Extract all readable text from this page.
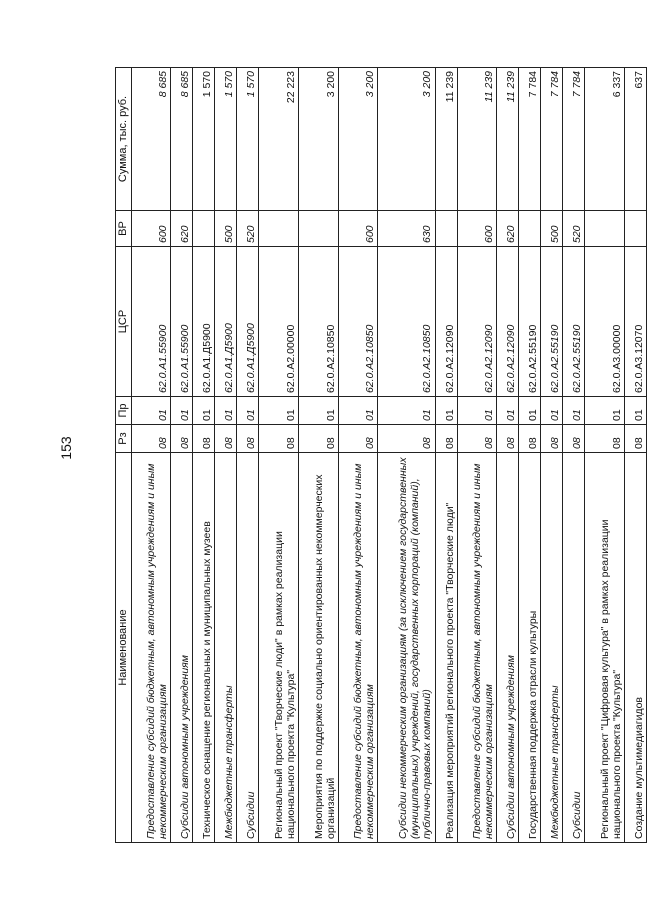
153
Наименование	Рз	Пр	ЦСР	ВР	Сумма, тыс. руб.
Предоставление субсидий бюджетным, автономным учреждениям и иным некоммерческим организациям	08	01	62.0.А1.55900	600	8 685
Субсидии автономным учреждениям	08	01	62.0.А1.55900	620	8 685
Техническое оснащение региональных и муниципальных музеев	08	01	62.0.А1.Д5900		1 570
Межбюджетные трансферты	08	01	62.0.А1.Д5900	500	1 570
Субсидии	08	01	62.0.А1.Д5900	520	1 570
Региональный проект "Творческие люди" в рамках реализации национального проекта "Культура"	08	01	62.0.А2.00000		22 223
Мероприятия по поддержке социально ориентированных некоммерческих организаций	08	01	62.0.А2.10850		3 200
Предоставление субсидий бюджетным, автономным учреждениям и иным некоммерческим организациям	08	01	62.0.А2.10850	600	3 200
Субсидии некоммерческим организациям (за исключением государственных (муниципальных) учреждений, государственных корпораций (компаний), публично-правовых компаний)	08	01	62.0.А2.10850	630	3 200
Реализация мероприятий регионального проекта "Творческие люди"	08	01	62.0.А2.12090		11 239
Предоставление субсидий бюджетным, автономным учреждениям и иным некоммерческим организациям	08	01	62.0.А2.12090	600	11 239
Субсидии автономным учреждениям	08	01	62.0.А2.12090	620	11 239
Государственная поддержка отрасли культуры	08	01	62.0.А2.55190		7 784
Межбюджетные трансферты	08	01	62.0.А2.55190	500	7 784
Субсидии	08	01	62.0.А2.55190	520	7 784
Региональный проект "Цифровая культура" в рамках реализации национального проекта "Культура"	08	01	62.0.А3.00000		6 337
Создание мультимедиагидов	08	01	62.0.А3.12070		637
